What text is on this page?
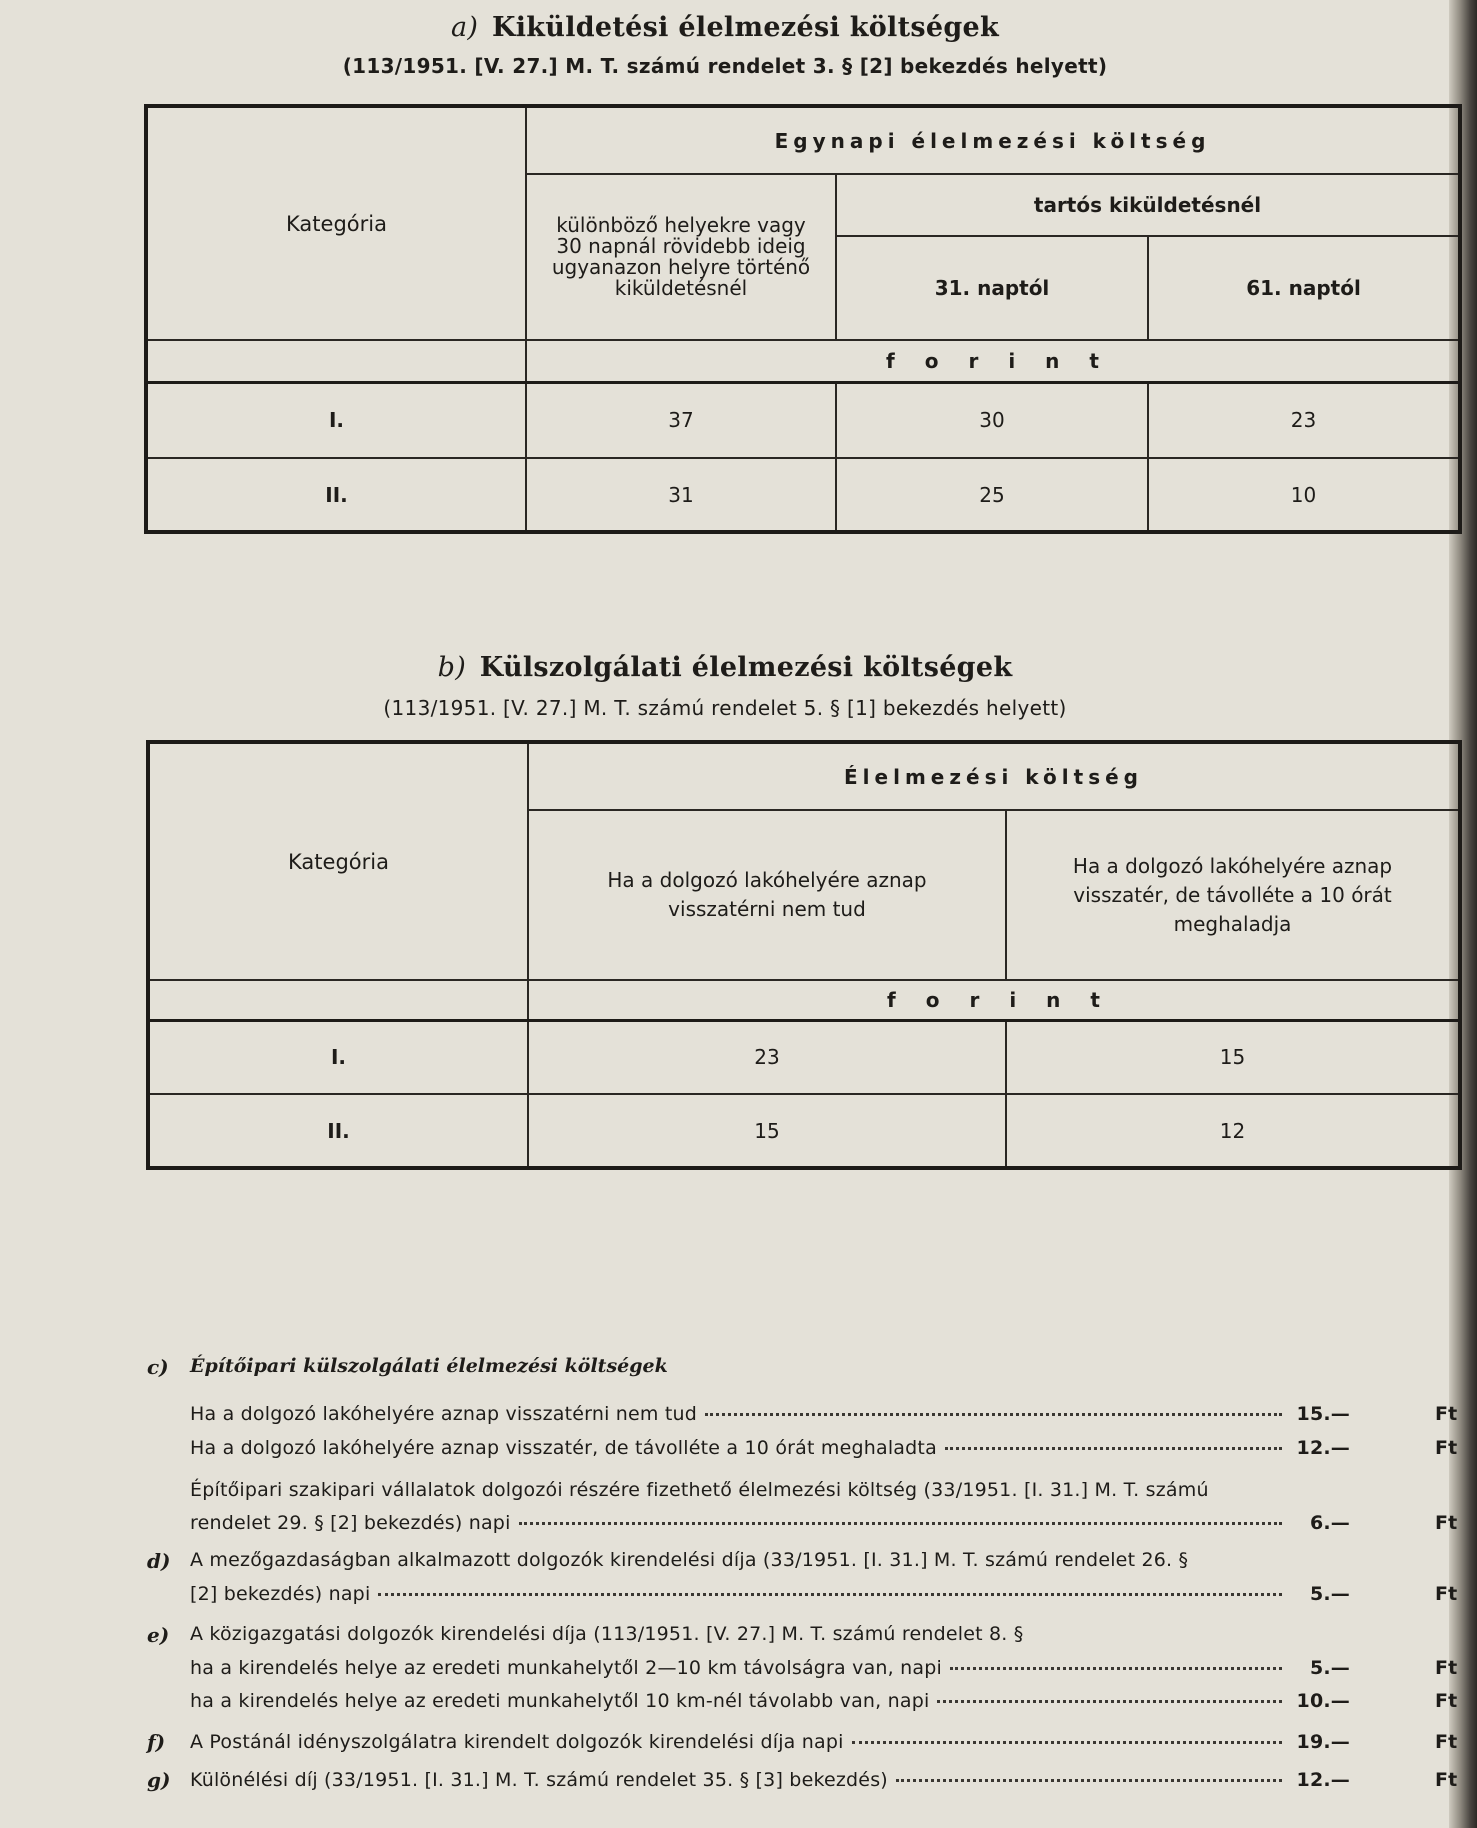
a) Kiküldetési élelmezési költségek
(113/1951. [V. 27.] M. T. számú rendelet 3. § [2] bekezdés helyett)
Kategória	Egynapi élelmezési költség		
	különböző helyekre vagy 30 napnál rövidebb ideig ugyanazon helyre történő kiküldetésnél	tartós kiküldetésnél	
		31. naptól	61. naptól
	forint		
I.	37	30	23
II.	31	25	10
b) Külszolgálati élelmezési költségek
(113/1951. [V. 27.] M. T. számú rendelet 5. § [1] bekezdés helyett)
Kategória	Élelmezési költség	
	Ha a dolgozó lakóhelyére aznap visszatérni nem tud	Ha a dolgozó lakóhelyére aznap visszatér, de távolléte a 10 órát meghaladja
	forint	
I.	23	15
II.	15	12
c) Építőipari külszolgálati élelmezési költségek
Ha a dolgozó lakóhelyére aznap visszatérni nem tud	15.—	Ft
Ha a dolgozó lakóhelyére aznap visszatér, de távolléte a 10 órát meghaladta	12.—	Ft
Építőipari szakipari vállalatok dolgozói részére fizethető élelmezési költség (33/1951. [I. 31.] M. T. számú
rendelet 29. § [2] bekezdés) napi	6.—	Ft
d) A mezőgazdaságban alkalmazott dolgozók kirendelési díja (33/1951. [I. 31.] M. T. számú rendelet 26. §
[2] bekezdés) napi	5.—	Ft
e) A közigazgatási dolgozók kirendelési díja (113/1951. [V. 27.] M. T. számú rendelet 8. §
ha a kirendelés helye az eredeti munkahelytől 2—10 km távolságra van, napi	5.—	Ft
ha a kirendelés helye az eredeti munkahelytől 10 km-nél távolabb van, napi	10.—	Ft
f) A Postánál idényszolgálatra kirendelt dolgozók kirendelési díja napi	19.—	Ft
g) Különélési díj (33/1951. [I. 31.] M. T. számú rendelet 35. § [3] bekezdés)	12.—	Ft
